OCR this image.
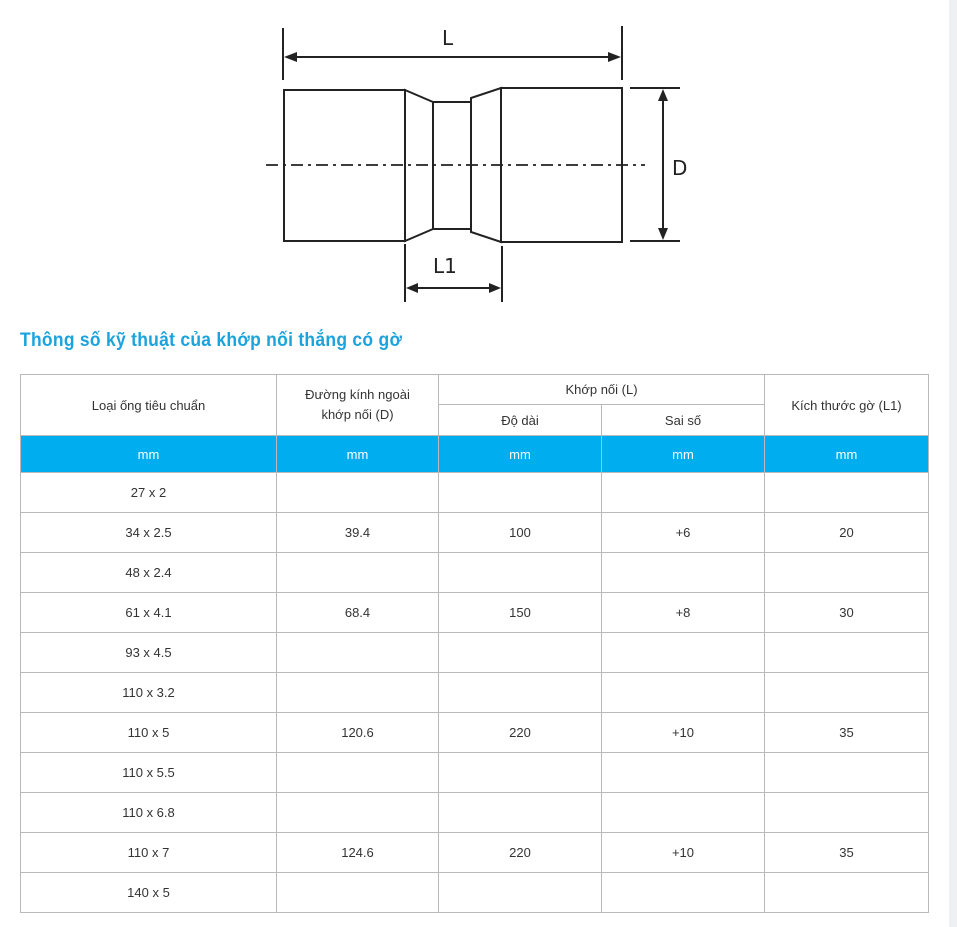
L
D
L1
Thông số kỹ thuật của khớp nối thẳng có gờ
Loại ống tiêu chuẩn	Đường kính ngoài
khớp nối (D)	Khớp nối (L)		Kích thước gờ (L1)
		Độ dài	Sai số	
mm	mm	mm	mm	mm
27 x 2				
34 x 2.5	39.4	100	+6	20
48 x 2.4				
61 x 4.1	68.4	150	+8	30
93 x 4.5				
110 x 3.2				
110 x 5	120.6	220	+10	35
110 x 5.5				
110 x 6.8				
110 x 7	124.6	220	+10	35
140 x 5				
